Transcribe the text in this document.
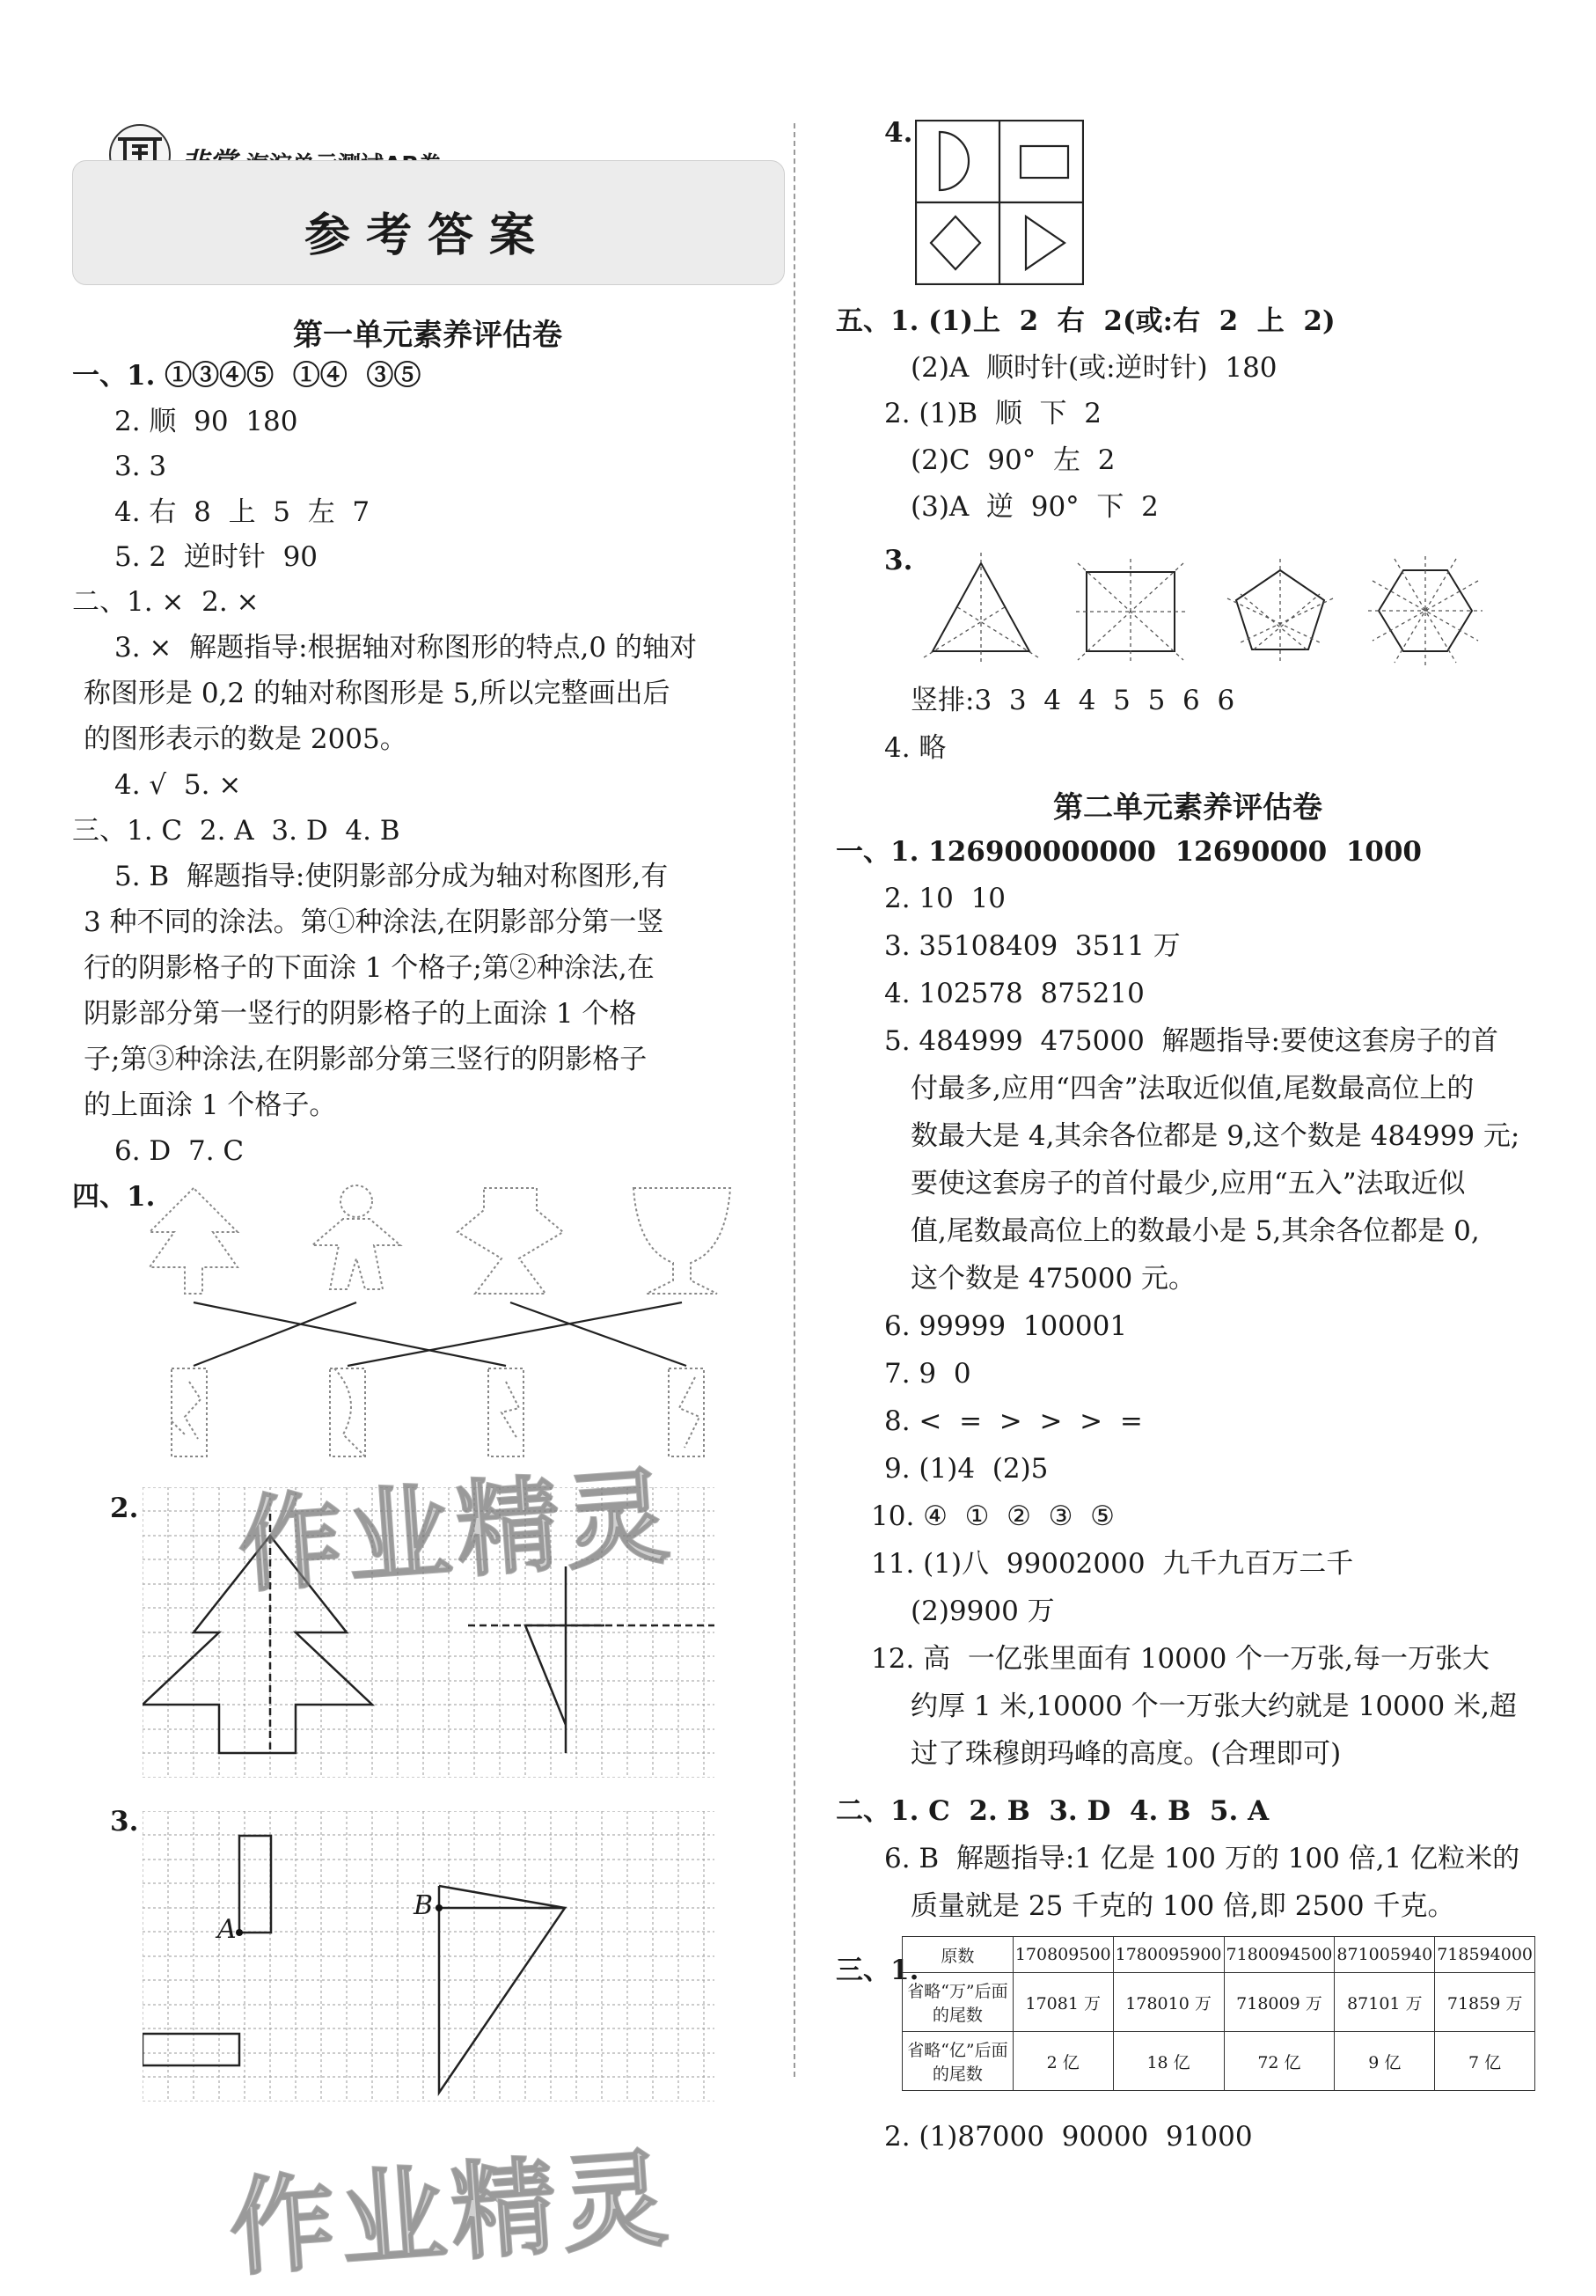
参考答案
第一单元素养评估卷
一、1. ①③④⑤  ①④  ③⑤
2. 顺  90  180
3. 3
4. 右  8  上  5  左  7
5. 2  逆时针  90
二、1. ×  2. ×
3. ×  解题指导:根据轴对称图形的特点,0 的轴对
称图形是 0,2 的轴对称图形是 5,所以完整画出后
的图形表示的数是 2005。
4. √  5. ×
三、1. C  2. A  3. D  4. B
5. B  解题指导:使阴影部分成为轴对称图形,有
3 种不同的涂法。第①种涂法,在阴影部分第一竖
行的阴影格子的下面涂 1 个格子;第②种涂法,在
阴影部分第一竖行的阴影格子的上面涂 1 个格
子;第③种涂法,在阴影部分第三竖行的阴影格子
的上面涂 1 个格子。
6. D  7. C
四、1.
2.
3.
A
B
4.
五、1. (1)上  2  右  2(或:右  2  上  2)
(2)A  顺时针(或:逆时针)  180
2. (1)B  顺  下  2
(2)C  90°  左  2
(3)A  逆  90°  下  2
3.
竖排:3  3  4  4  5  5  6  6
4. 略
第二单元素养评估卷
一、1. 126900000000  12690000  1000
2. 10  10
3. 35108409  3511 万
4. 102578  875210
5. 484999  475000  解题指导:要使这套房子的首
付最多,应用“四舍”法取近似值,尾数最高位上的
数最大是 4,其余各位都是 9,这个数是 484999 元;
要使这套房子的首付最少,应用“五入”法取近似
值,尾数最高位上的数最小是 5,其余各位都是 0,
这个数是 475000 元。
6. 99999  100001
7. 9  0
8. <  =  >  >  >  =
9. (1)4  (2)5
10. ④  ①  ②  ③  ⑤
11. (1)八  99002000  九千九百万二千
(2)9900 万
12. 高  一亿张里面有 10000 个一万张,每一万张大
约厚 1 米,10000 个一万张大约就是 10000 米,超
过了珠穆朗玛峰的高度。(合理即可)
二、1. C  2. B  3. D  4. B  5. A
6. B  解题指导:1 亿是 100 万的 100 倍,1 亿粒米的
质量就是 25 千克的 100 倍,即 2500 千克。
三、1. 原数	170809500	1780095900	7180094500	871005940	718594000
省略“万”后面的尾数	17081 万	178010 万	718009 万	87101 万	71859 万
省略“亿”后面的尾数	2 亿	18 亿	72 亿	9 亿	7 亿
2. (1)87000  90000  91000
作业精灵
作业精灵
